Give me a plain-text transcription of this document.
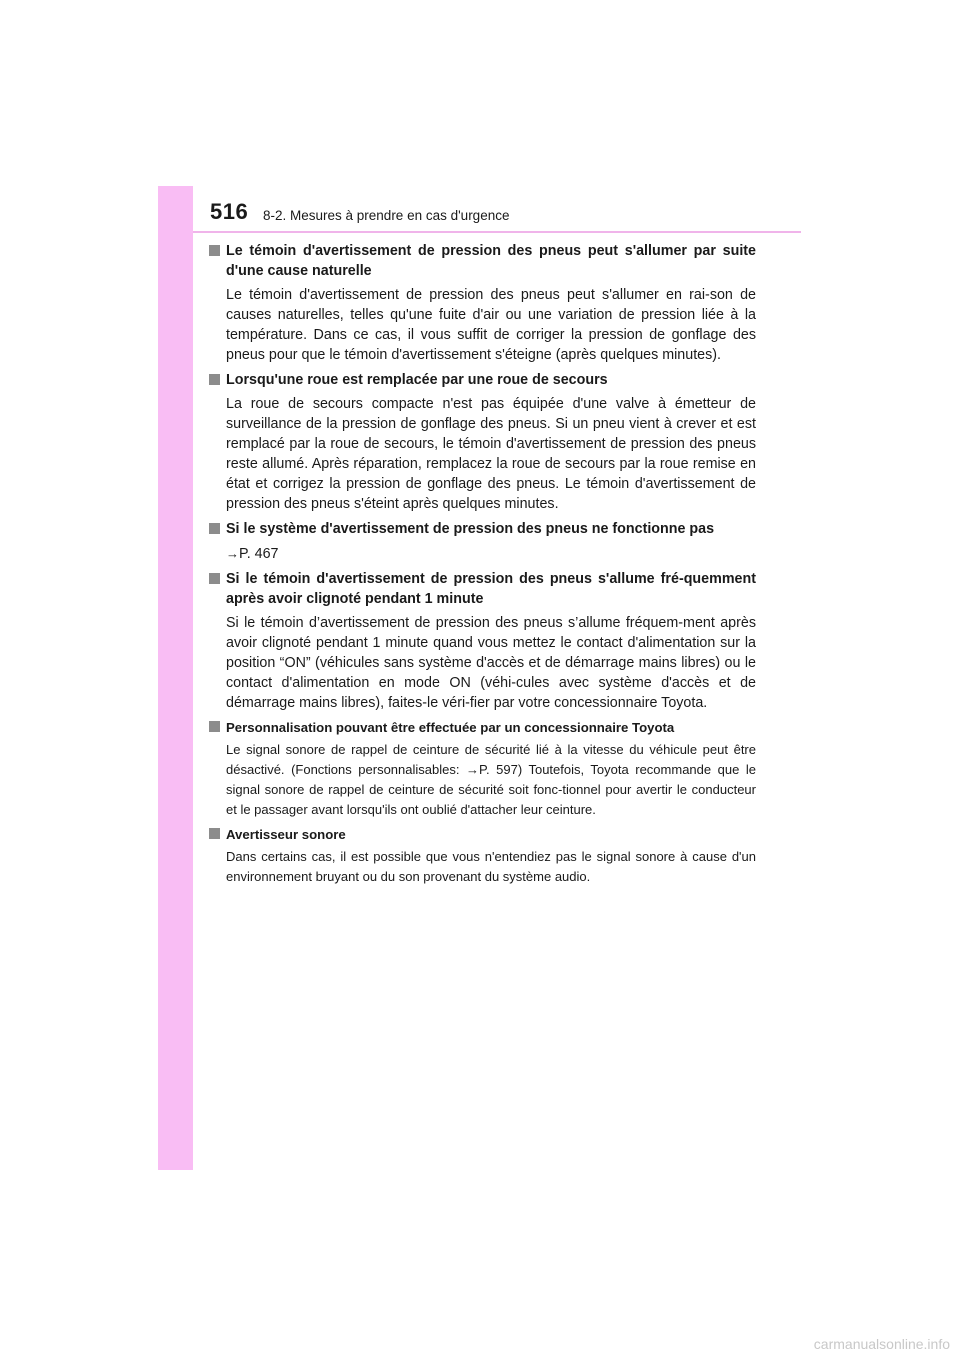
516 8-2. Mesures à prendre en cas d'urgence

Le témoin d'avertissement de pression des pneus peut s'allumer par suite d'une cause naturelle

Le témoin d'avertissement de pression des pneus peut s'allumer en rai-son de causes naturelles, telles qu'une fuite d'air ou une variation de pression liée à la température. Dans ce cas, il vous suffit de corriger la pression de gonflage des pneus pour que le témoin d'avertissement s'éteigne (après quelques minutes).

Lorsqu'une roue est remplacée par une roue de secours

La roue de secours compacte n'est pas équipée d'une valve à émetteur de surveillance de la pression de gonflage des pneus. Si un pneu vient à crever et est remplacé par la roue de secours, le témoin d'avertissement de pression des pneus reste allumé. Après réparation, remplacez la roue de secours par la roue remise en état et corrigez la pression de gonflage des pneus. Le témoin d'avertissement de pression des pneus s'éteint après quelques minutes.

Si le système d'avertissement de pression des pneus ne fonctionne pas

→P. 467

Si le témoin d'avertissement de pression des pneus s'allume fré-quemment après avoir clignoté pendant 1 minute

Si le témoin d’avertissement de pression des pneus s’allume fréquem-ment après avoir clignoté pendant 1 minute quand vous mettez le contact d'alimentation sur la position “ON” (véhicules sans système d'accès et de démarrage mains libres) ou le contact d'alimentation en mode ON (véhi-cules avec système d'accès et de démarrage mains libres), faites-le véri-fier par votre concessionnaire Toyota.

Personnalisation pouvant être effectuée par un concessionnaire Toyota

Le signal sonore de rappel de ceinture de sécurité lié à la vitesse du véhicule peut être désactivé. (Fonctions personnalisables: →P. 597) Toutefois, Toyota recommande que le signal sonore de rappel de ceinture de sécurité soit fonc-tionnel pour avertir le conducteur et le passager avant lorsqu'ils ont oublié d'attacher leur ceinture.

Avertisseur sonore

Dans certains cas, il est possible que vous n'entendiez pas le signal sonore à cause d'un environnement bruyant ou du son provenant du système audio.

carmanualsonline.info
